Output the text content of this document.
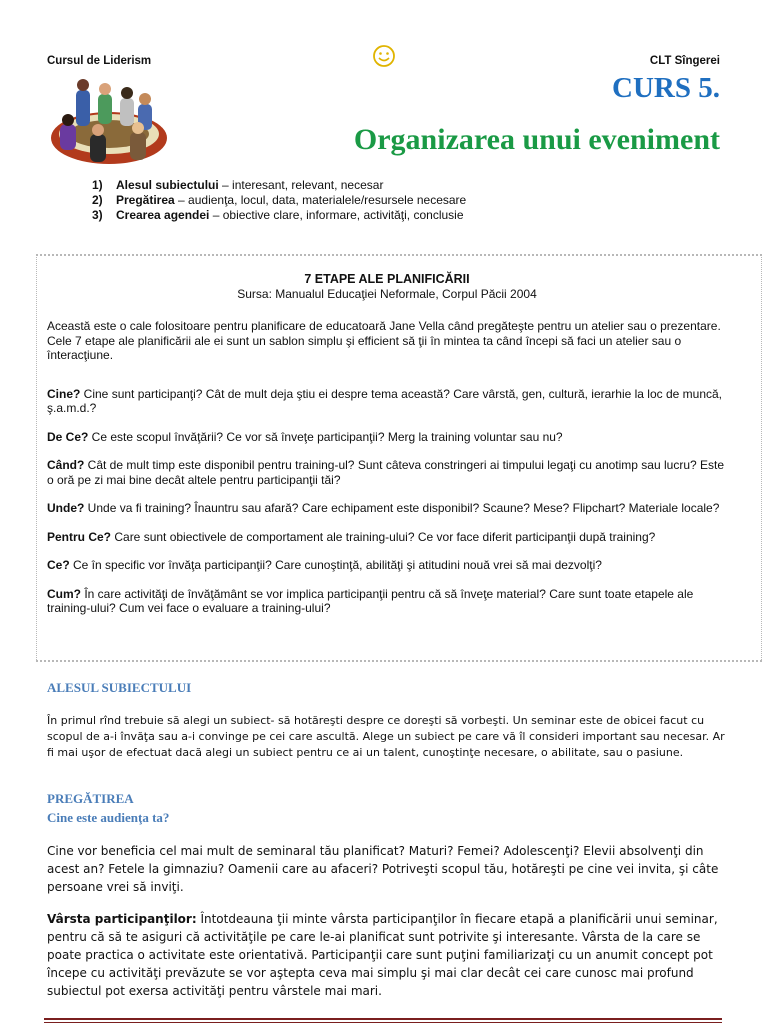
Cursul de Liderism	CLT Sîngerei
CURS 5.
Organizarea unui eveniment
1)	Alesul subiectului – interesant, relevant, necesar
2)	Pregătirea – audienţa, locul, data, materialele/resursele necesare
3)	Crearea agendei – obiective clare, informare, activităţi, conclusie
7 ETAPE ALE PLANIFICĂRII
Sursa: Manualul Educaţiei Neformale, Corpul Păcii 2004

Această este o cale folositoare pentru planificare de educatoară Jane Vella când pregăteşte pentru un atelier sau o prezentare. Cele 7 etape ale planificării ale ei sunt un sablon simplu şi efficient să ţii în mintea ta când începi să faci un atelier sau o înteracţiune.

Cine? Cine sunt participanţi? Cât de mult deja ştiu ei despre tema această? Care vârstă, gen, cultură, ierarhie la loc de muncă, ş.a.m.d.?

De Ce? Ce este scopul învăţării? Ce vor să înveţe participanţii? Merg la training voluntar sau nu?

Când? Cât de mult timp este disponibil pentru training-ul? Sunt câteva constringeri ai timpului legaţi cu anotimp sau lucru? Este o oră pe zi mai bine decât altele pentru participanţii tăi?

Unde? Unde va fi training? Înauntru sau afară? Care echipament este disponibil? Scaune? Mese? Flipchart? Materiale locale?

Pentru Ce? Care sunt obiectivele de comportament ale training-ului? Ce vor face diferit participanţii după training?

Ce? Ce în specific vor învăţa participanţii? Care cunoştinţă, abilităţi şi atitudini nouă vrei să mai dezvolţi?

Cum? În care activităţi de învăţământ se vor implica participanţii pentru că să înveţe material? Care sunt toate etapele ale training-ului? Cum vei face o evaluare a training-ului?

ALESUL SUBIECTULUI
În primul rînd trebuie să alegi un subiect- să hotăreşti despre ce doreşti să vorbeşti. Un seminar este de obicei facut cu scopul de a-i învăţa sau a-i convinge pe cei care ascultă. Alege un subiect pe care vă îl consideri important sau necesar. Ar fi mai uşor de efectuat dacă alegi un subiect pentru ce ai un talent, cunoştinţe necesare, o abilitate, sau o pasiune.
PREGĂTIREA
Cine este audienţa ta?
Cine vor beneficia cel mai mult de seminaral tău planificat? Maturi? Femei? Adolescenţi? Elevii absolvenţi din acest an? Fetele la gimnaziu? Oamenii care au afaceri? Potriveşti scopul tău, hotăreşti pe cine vei invita, şi câte persoane vrei să inviţi.
Vârsta participanţilor: Întotdeauna ţii minte vârsta participanţilor în fiecare etapă a planificării unui seminar, pentru că să te asiguri că activităţile pe care le-ai planificat sunt potrivite şi interesante. Vârsta de la care se poate practica o activitate este orientativă. Participanţii care sunt puţini familiarizaţi cu un anumit concept pot începe cu activităţi prevăzute se vor aştepta ceva mai simplu şi mai clar decât cei care cunosc mai profund subiectul pot exersa activităţi pentru vârstele mai mari.
